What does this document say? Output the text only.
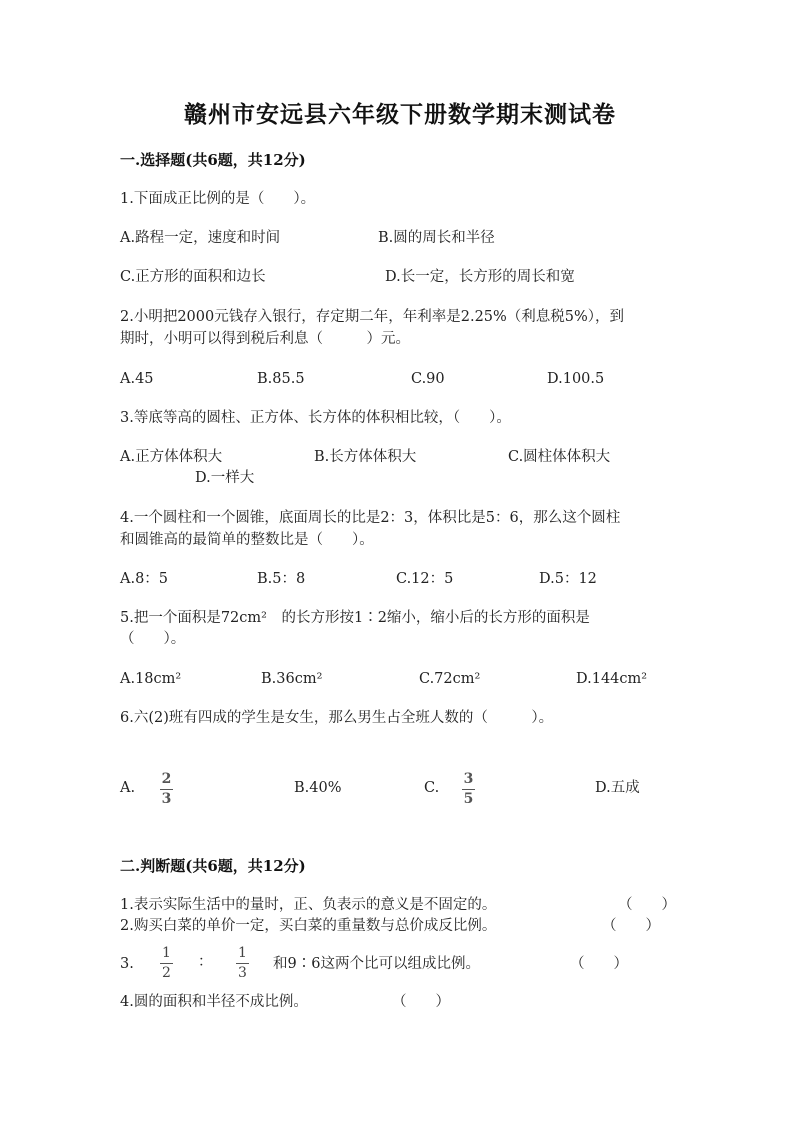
赣州市安远县六年级下册数学期末测试卷
一.选择题(共6题，共12分)
1.下面成正比例的是（　　）。
A.路程一定，速度和时间	B.圆的周长和半径
C.正方形的面积和边长	D.长一定，长方形的周长和宽
2.小明把2000元钱存入银行，存定期二年，年利率是2.25%（利息税5%），到
期时，小明可以得到税后利息（　　　）元。
A.45	B.85.5	C.90	D.100.5
3.等底等高的圆柱、正方体、长方体的体积相比较，（　　）。
A.正方体体积大	B.长方体体积大	C.圆柱体体积大
D.一样大
4.一个圆柱和一个圆锥，底面周长的比是2：3，体积比是5：6，那么这个圆柱
和圆锥高的最简单的整数比是（　　）。
A.8：5	B.5：8	C.12：5	D.5：12
5.把一个面积是72cm²　的长方形按1∶2缩小，缩小后的长方形的面积是
（　　）。
A.18cm²	B.36cm²	C.72cm²	D.144cm²
6.六(2)班有四成的学生是女生，那么男生占全班人数的（　　　）。
A.
2
3
B.40%	C.
3
5
D.五成
二.判断题(共6题，共12分)
1.表示实际生活中的量时，正、负表示的意义是不固定的。	（　　）
2.购买白菜的单价一定，买白菜的重量数与总价成反比例。	（　　）
3.
1
2
：
1
3
和9∶6这两个比可以组成比例。	（　　）
4.圆的面积和半径不成比例。	（　　）
